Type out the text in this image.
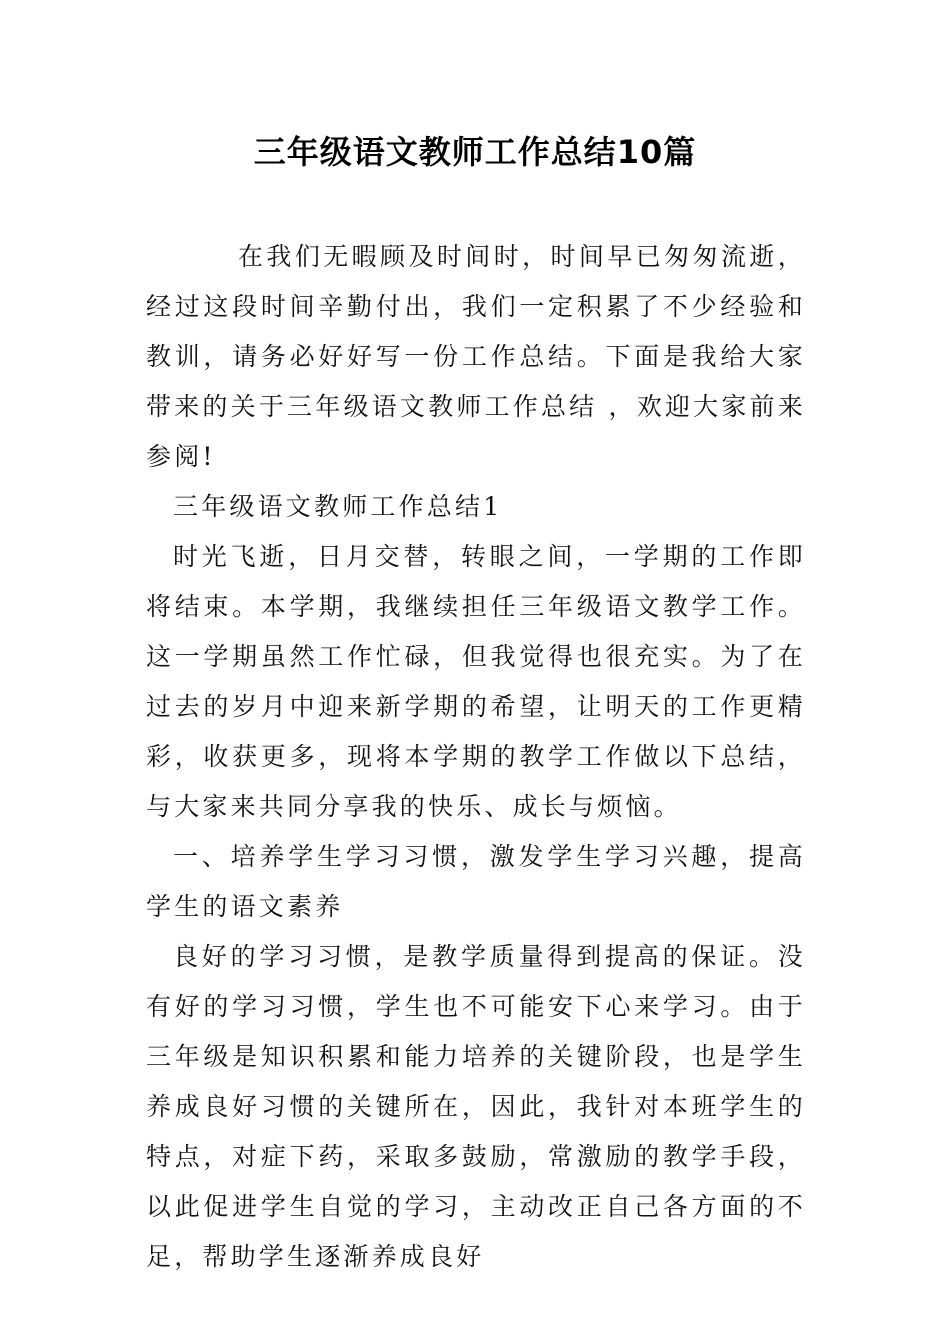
三年级语文教师工作总结10篇

在我们无暇顾及时间时，时间早已匆匆流逝，经过这段时间辛勤付出，我们一定积累了不少经验和教训，请务必好好写一份工作总结。下面是我给大家带来的关于三年级语文教师工作总结 ，欢迎大家前来参阅!

三年级语文教师工作总结1

时光飞逝，日月交替，转眼之间，一学期的工作即将结束。本学期，我继续担任三年级语文教学工作。这一学期虽然工作忙碌，但我觉得也很充实。为了在过去的岁月中迎来新学期的希望，让明天的工作更精彩，收获更多，现将本学期的教学工作做以下总结，与大家来共同分享我的快乐、成长与烦恼。

一、培养学生学习习惯，激发学生学习兴趣，提高学生的语文素养

良好的学习习惯，是教学质量得到提高的保证。没有好的学习习惯，学生也不可能安下心来学习。由于三年级是知识积累和能力培养的关键阶段，也是学生养成良好习惯的关键所在，因此，我针对本班学生的特点，对症下药，采取多鼓励，常激励的教学手段，以此促进学生自觉的学习，主动改正自己各方面的不足，帮助学生逐渐养成良好
